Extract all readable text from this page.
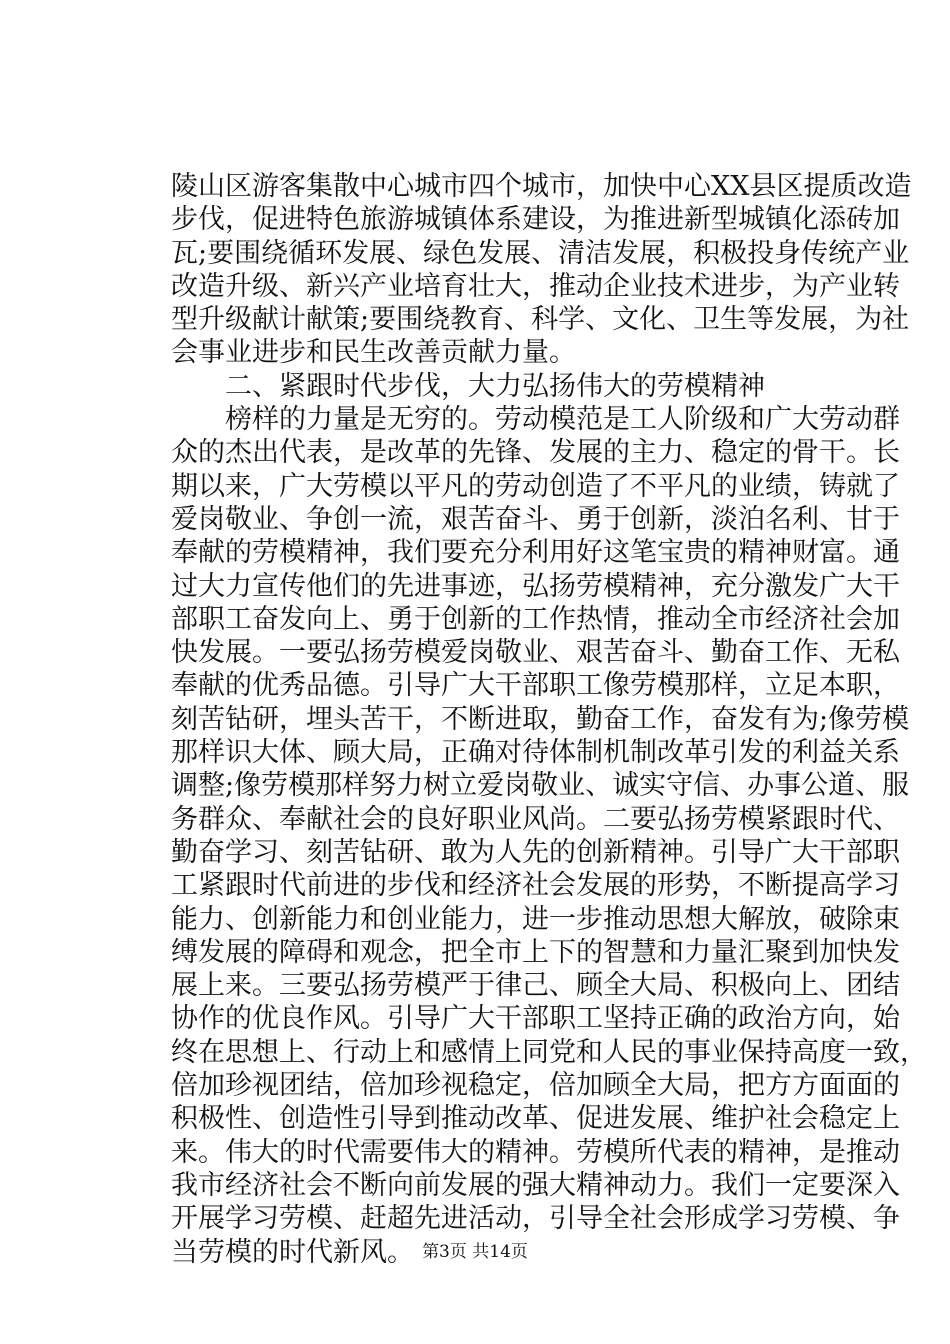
陵山区游客集散中心城市四个城市，加快中心XX县区提质改造
步伐，促进特色旅游城镇体系建设，为推进新型城镇化添砖加
瓦;要围绕循环发展、绿色发展、清洁发展，积极投身传统产业
改造升级、新兴产业培育壮大，推动企业技术进步，为产业转
型升级献计献策;要围绕教育、科学、文化、卫生等发展，为社
会事业进步和民生改善贡献力量。
　　二、紧跟时代步伐，大力弘扬伟大的劳模精神
　　榜样的力量是无穷的。劳动模范是工人阶级和广大劳动群
众的杰出代表，是改革的先锋、发展的主力、稳定的骨干。长
期以来，广大劳模以平凡的劳动创造了不平凡的业绩，铸就了
爱岗敬业、争创一流，艰苦奋斗、勇于创新，淡泊名利、甘于
奉献的劳模精神，我们要充分利用好这笔宝贵的精神财富。通
过大力宣传他们的先进事迹，弘扬劳模精神，充分激发广大干
部职工奋发向上、勇于创新的工作热情，推动全市经济社会加
快发展。一要弘扬劳模爱岗敬业、艰苦奋斗、勤奋工作、无私
奉献的优秀品德。引导广大干部职工像劳模那样，立足本职，
刻苦钻研，埋头苦干，不断进取，勤奋工作，奋发有为;像劳模
那样识大体、顾大局，正确对待体制机制改革引发的利益关系
调整;像劳模那样努力树立爱岗敬业、诚实守信、办事公道、服
务群众、奉献社会的良好职业风尚。二要弘扬劳模紧跟时代、
勤奋学习、刻苦钻研、敢为人先的创新精神。引导广大干部职
工紧跟时代前进的步伐和经济社会发展的形势，不断提高学习
能力、创新能力和创业能力，进一步推动思想大解放，破除束
缚发展的障碍和观念，把全市上下的智慧和力量汇聚到加快发
展上来。三要弘扬劳模严于律己、顾全大局、积极向上、团结
协作的优良作风。引导广大干部职工坚持正确的政治方向，始
终在思想上、行动上和感情上同党和人民的事业保持高度一致，
倍加珍视团结，倍加珍视稳定，倍加顾全大局，把方方面面的
积极性、创造性引导到推动改革、促进发展、维护社会稳定上
来。伟大的时代需要伟大的精神。劳模所代表的精神，是推动
我市经济社会不断向前发展的强大精神动力。我们一定要深入
开展学习劳模、赶超先进活动，引导全社会形成学习劳模、争
当劳模的时代新风。 第3页 共14页
